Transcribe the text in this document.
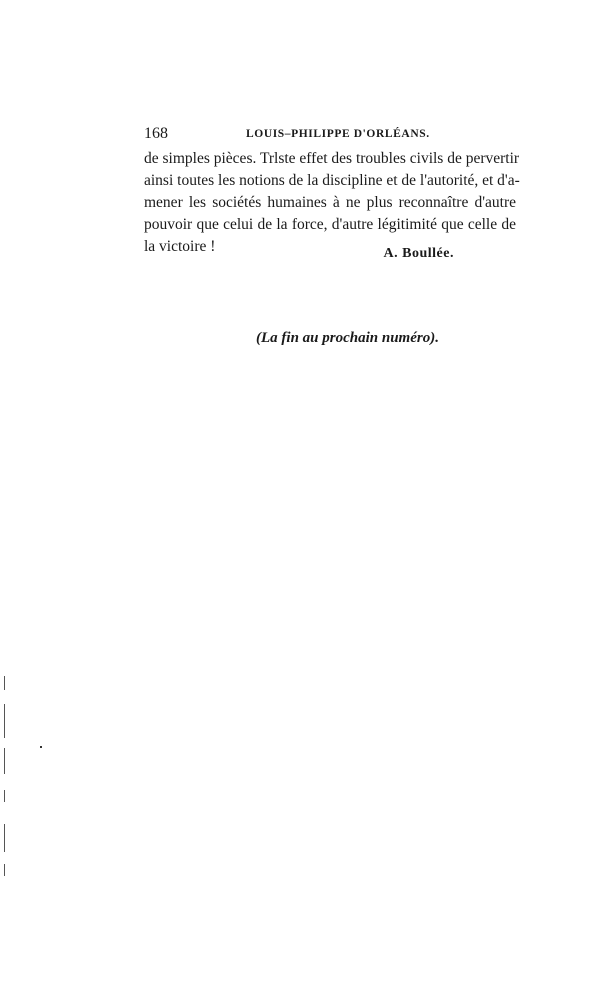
168	LOUIS–PHILIPPE D'ORLÉANS.

de simples pièces. Trlste effet des troubles civils de pervertir
ainsi toutes les notions de la discipline et de l'autorité, et d'a-
mener les sociétés humaines à ne plus reconnaître d'autre
pouvoir que celui de la force, d'autre légitimité que celle de
la victoire !	A. Boullée.
(La fin au prochain numéro).
